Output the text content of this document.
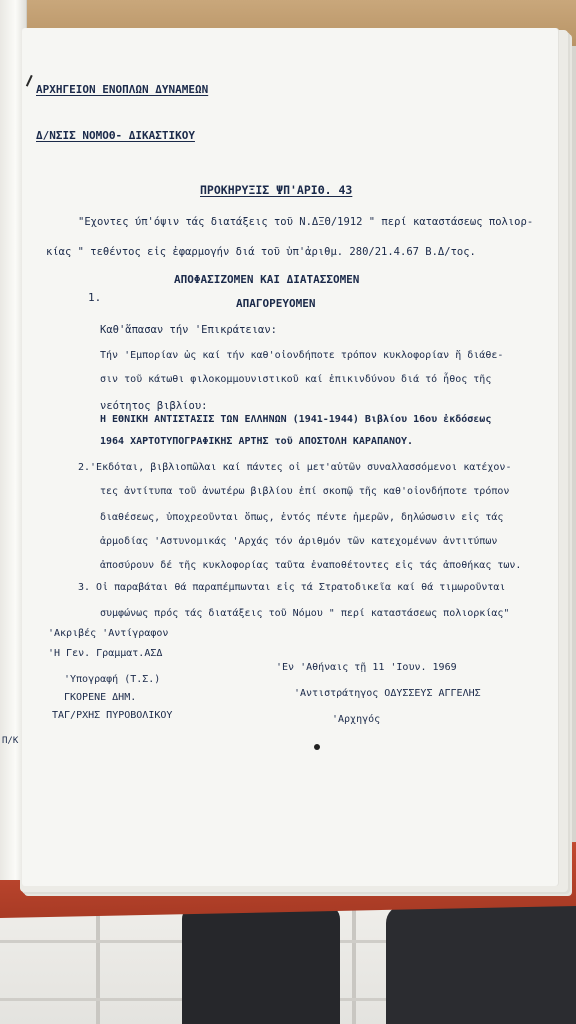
ΑΡΧΗΓΕΙΟΝ ΕΝΟΠΛΩΝ ΔΥΝΑΜΕΩΝ
Δ/ΝΣΙΣ ΝΟΜΟΘ- ΔΙΚΑΣΤΙΚΟΥ
ΠΡΟΚΗΡΥΞΙΣ ΨΠ'ΑΡΙΘ. 43
"Εχοντες ύπ'όψιν τάς διατάξεις τοῦ Ν.ΔΞΘ/1912 " περί καταστάσεως πολιορ-
κίας " τεθέντος εἰς ἐφαρμογήν διά τοῦ ὑπ'ἀριθμ. 280/21.4.67 Β.Δ/τος.
ΑΠΟΦΑΣΙΖΟΜΕΝ ΚΑΙ ΔΙΑΤΑΣΣΟΜΕΝ
1.	ΑΠΑΓΟΡΕΥΟΜΕΝ
Καθ'ἅπασαν τήν 'Επικράτειαν:
Τήν 'Εμπορίαν ὡς καί τήν καθ'οἱονδήποτε τρόπον κυκλοφορίαν ἤ διάθε-
σιν τοῦ κάτωθι φιλοκομμουνιστικοῦ καί ἐπικινδύνου διά τό ἦθος τῆς
νεότητος βιβλίου:
Η ΕΘΝΙΚΗ ΑΝΤΙΣΤΑΣΙΣ ΤΩΝ ΕΛΛΗΝΩΝ (1941-1944) Βιβλίου 16ου ἐκδόσεως
1964 ΧΑΡΤΟΤΥΠΟΓΡΑΦΙΚΗΣ ΑΡΤΗΣ τοῦ ΑΠΟΣΤΟΛΗ ΚΑΡΑΠΑΝΟΥ.
2.'Εκδόται, βιβλιοπῶλαι καί πάντες οἱ μετ'αὐτῶν συναλλασσόμενοι κατέχον-
τες ἀντίτυπα τοῦ ἀνωτέρω βιβλίου ἐπί σκοπῷ τῆς καθ'οἱονδήποτε τρόπον
διαθέσεως, ὑποχρεοῦνται ὅπως, ἐντός πέντε ἡμερῶν, δηλώσωσιν εἰς τάς
ἁρμοδίας 'Αστυνομικάς 'Αρχάς τόν ἀριθμόν τῶν κατεχομένων ἀντιτύπων
ἀποσύρουν δέ τῆς κυκλοφορίας ταῦτα ἐναποθέτοντες εἰς τάς ἀποθήκας των.
3. Οἱ παραβάται θά παραπέμπωνται εἰς τά Στρατοδικεῖα καί θά τιμωροῦνται
συμφώνως πρός τάς διατάξεις τοῦ Νόμου " περί καταστάσεως πολιορκίας"
'Ακριβές 'Αντίγραφον
'Η Γεν. Γραμματ.ΑΣΔ
'Υπογραφή (Τ.Σ.)
ΓΚΟΡΕΝΕ ΔΗΜ.
ΤΑΓ/ΡΧΗΣ ΠΥΡΟΒΟΛΙΚΟΥ
'Εν 'Αθήναις τῇ 11 'Ιουν. 1969
'Αντιστράτηγος ΟΔΥΣΣΕΥΣ ΑΓΓΕΛΗΣ
'Αρχηγός
Π/Κ
